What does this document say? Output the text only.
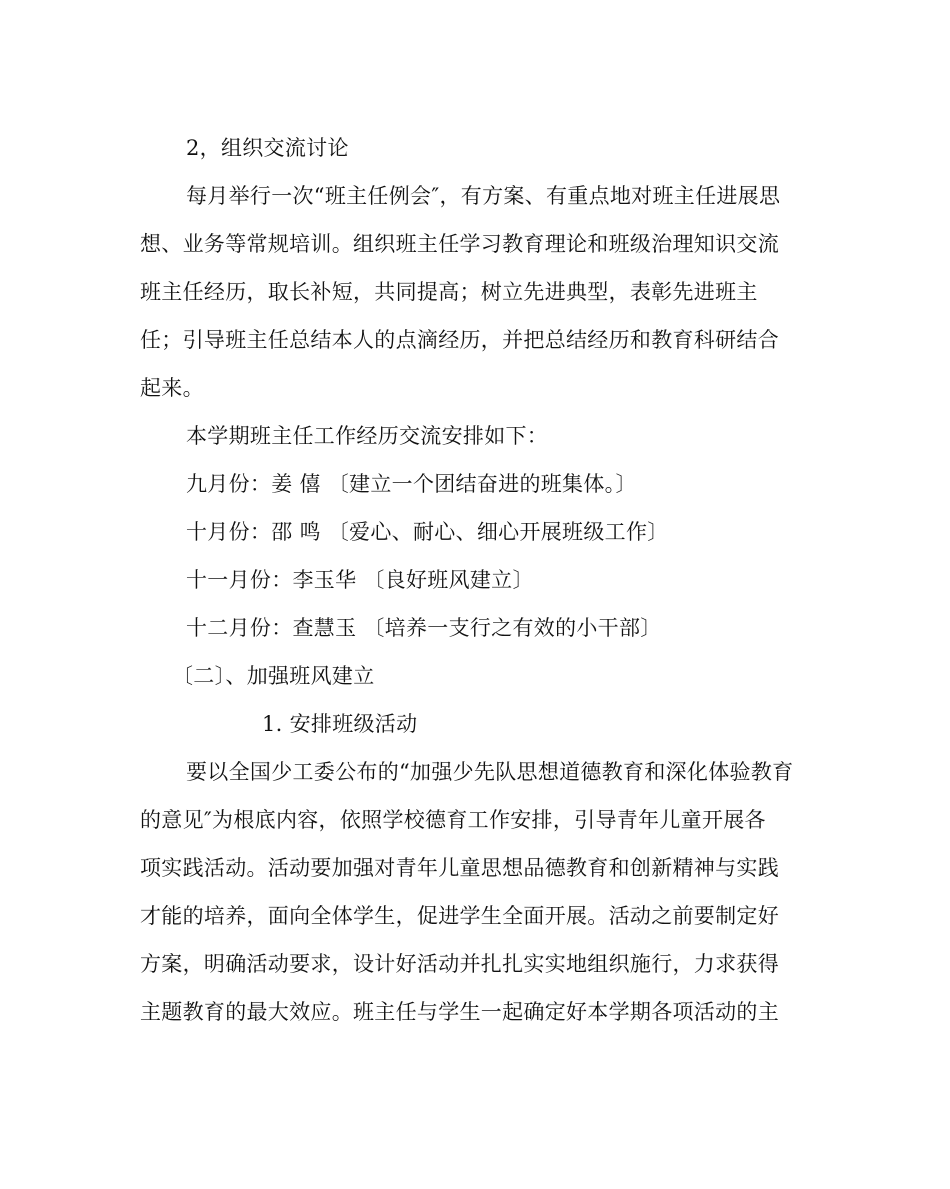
2，组织交流讨论
每月举行一次“班主任例会″，有方案、有重点地对班主任进展思
想、业务等常规培训。组织班主任学习教育理论和班级治理知识交流
班主任经历，取长补短，共同提高；树立先进典型，表彰先进班主
任；引导班主任总结本人的点滴经历，并把总结经历和教育科研结合
起来。
本学期班主任工作经历交流安排如下：
九月份：姜 僖 〔建立一个团结奋进的班集体。〕
十月份：邵 鸣 〔爱心、耐心、细心开展班级工作〕
十一月份：李玉华 〔良好班风建立〕
十二月份：查慧玉 〔培养一支行之有效的小干部〕
〔二〕、加强班风建立
1. 安排班级活动
要以全国少工委公布的“加强少先队思想道德教育和深化体验教育
的意见″为根底内容，依照学校德育工作安排，引导青年儿童开展各
项实践活动。活动要加强对青年儿童思想品德教育和创新精神与实践
才能的培养，面向全体学生，促进学生全面开展。活动之前要制定好
方案，明确活动要求，设计好活动并扎扎实实地组织施行，力求获得
主题教育的最大效应。班主任与学生一起确定好本学期各项活动的主
